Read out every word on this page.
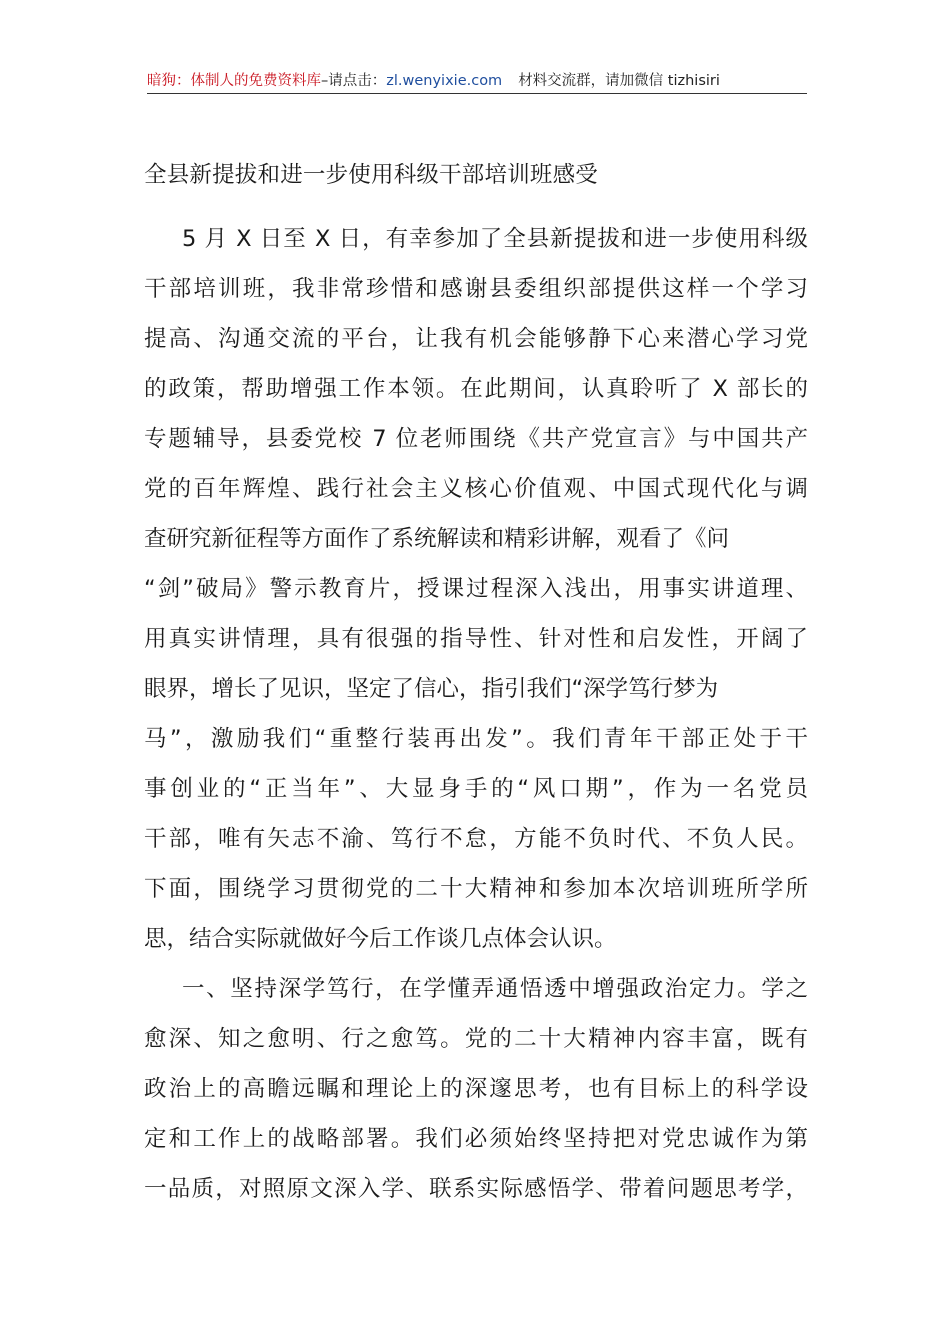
暗狗：体制人的免费资料库–请点击：zl.wenyixie.com 材料交流群，请加微信 tizhisiri
全县新提拔和进一步使用科级干部培训班感受
5 月 X 日至 X 日，有幸参加了全县新提拔和进一步使用科级
干部培训班，我非常珍惜和感谢县委组织部提供这样一个学习
提高、沟通交流的平台，让我有机会能够静下心来潜心学习党
的政策，帮助增强工作本领。在此期间，认真聆听了 X 部长的
专题辅导，县委党校 7 位老师围绕《共产党宣言》与中国共产
党的百年辉煌、践行社会主义核心价值观、中国式现代化与调
查研究新征程等方面作了系统解读和精彩讲解，观看了《问
“剑”破局》警示教育片，授课过程深入浅出，用事实讲道理、
用真实讲情理，具有很强的指导性、针对性和启发性，开阔了
眼界，增长了见识，坚定了信心，指引我们“深学笃行梦为
马”，激励我们“重整行装再出发”。我们青年干部正处于干
事创业的“正当年”、大显身手的“风口期”，作为一名党员
干部，唯有矢志不渝、笃行不怠，方能不负时代、不负人民。
下面，围绕学习贯彻党的二十大精神和参加本次培训班所学所
思，结合实际就做好今后工作谈几点体会认识。
一、坚持深学笃行，在学懂弄通悟透中增强政治定力。学之
愈深、知之愈明、行之愈笃。党的二十大精神内容丰富，既有
政治上的高瞻远瞩和理论上的深邃思考，也有目标上的科学设
定和工作上的战略部署。我们必须始终坚持把对党忠诚作为第
一品质，对照原文深入学、联系实际感悟学、带着问题思考学，
